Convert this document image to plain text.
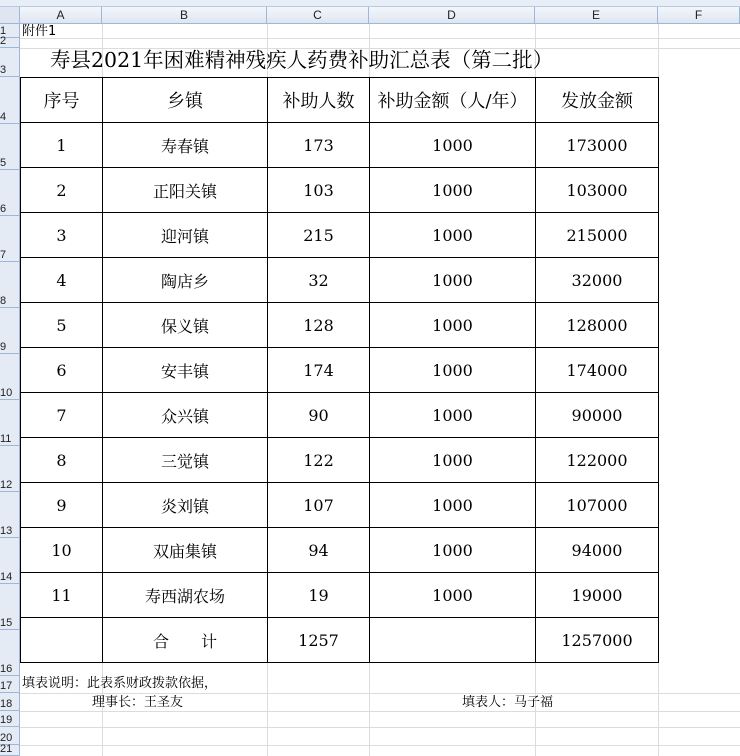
A	B	C	D	E	F
1
2
3
4
5
6
7
8
9
10
11
12
13
14
15
16
17
18
19
20
21
附件1
寿县2021年困难精神残疾人药费补助汇总表（第二批）
序号	乡镇	补助人数	补助金额（人/年）	发放金额
1	寿春镇	173	1000	173000
2	正阳关镇	103	1000	103000
3	迎河镇	215	1000	215000
4	陶店乡	32	1000	32000
5	保义镇	128	1000	128000
6	安丰镇	174	1000	174000
7	众兴镇	90	1000	90000
8	三觉镇	122	1000	122000
9	炎刘镇	107	1000	107000
10	双庙集镇	94	1000	94000
11	寿西湖农场	19	1000	19000
	合　　计	1257		1257000
填表说明：此表系财政拨款依据，
理事长：王圣友	填表人：马子福
